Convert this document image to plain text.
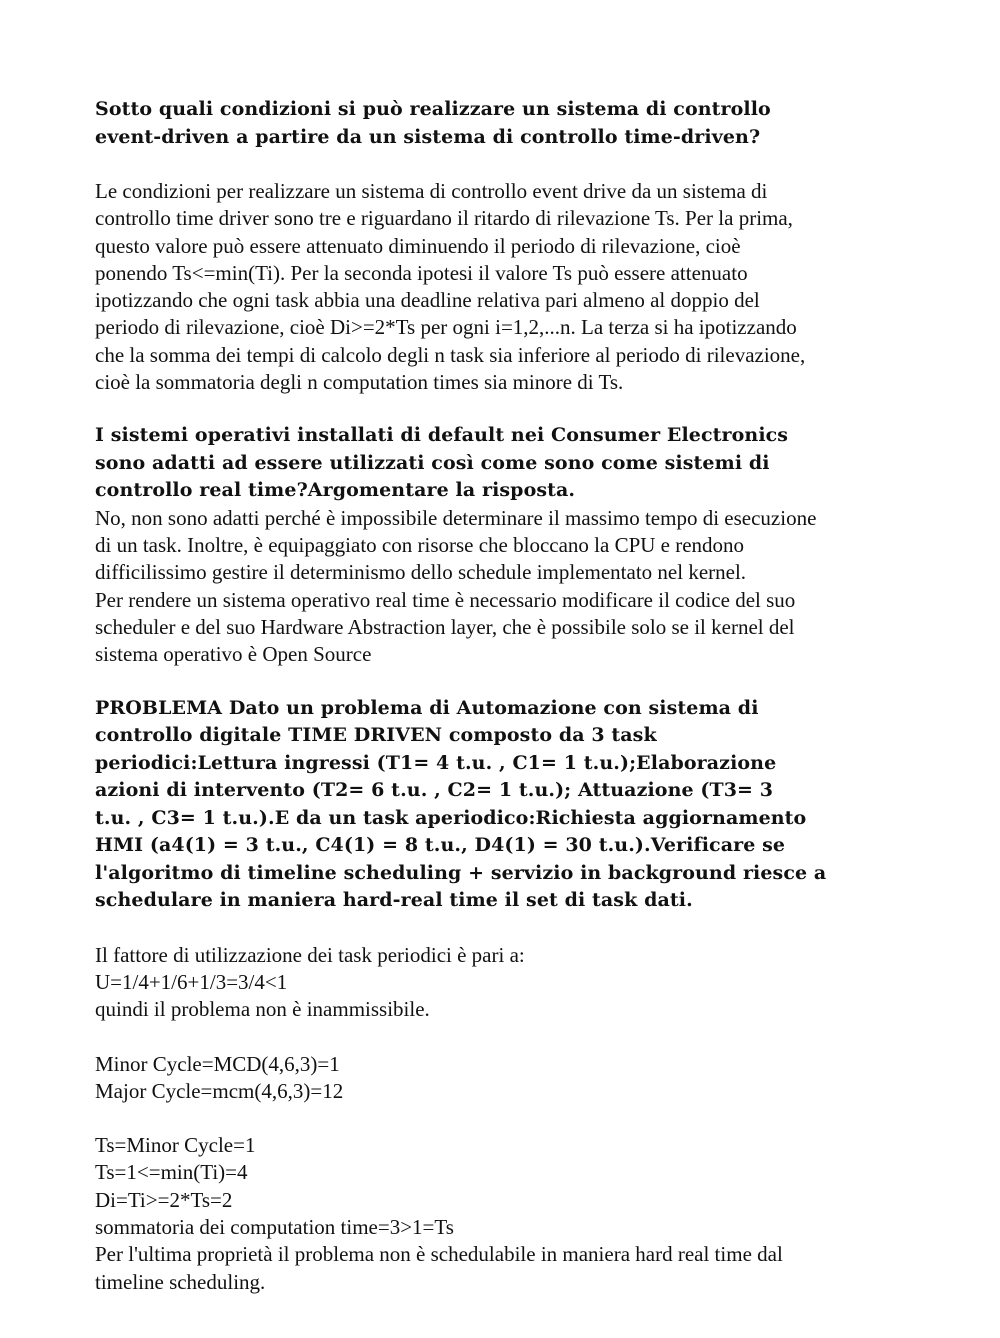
Sotto quali condizioni si può realizzare un sistema di controllo
event-driven a partire da un sistema di controllo time-driven?
Le condizioni per realizzare un sistema di controllo event drive da un sistema di
controllo time driver sono tre e riguardano il ritardo di rilevazione Ts. Per la prima,
questo valore può essere attenuato diminuendo il periodo di rilevazione, cioè
ponendo Ts<=min(Ti). Per la seconda ipotesi il valore Ts può essere attenuato
ipotizzando che ogni task abbia una deadline relativa pari almeno al doppio del
periodo di rilevazione, cioè Di>=2*Ts per ogni i=1,2,...n. La terza si ha ipotizzando
che la somma dei tempi di calcolo degli n task sia inferiore al periodo di rilevazione,
cioè la sommatoria degli n computation times sia minore di Ts.
I sistemi operativi installati di default nei Consumer Electronics
sono adatti ad essere utilizzati così come sono come sistemi di
controllo real time?Argomentare la risposta.
No, non sono adatti perché è impossibile determinare il massimo tempo di esecuzione
di un task. Inoltre, è equipaggiato con risorse che bloccano la CPU e rendono
difficilissimo gestire il determinismo dello schedule implementato nel kernel.
Per rendere un sistema operativo real time è necessario modificare il codice del suo
scheduler e del suo Hardware Abstraction layer, che è possibile solo se il kernel del
sistema operativo è Open Source
PROBLEMA Dato un problema di Automazione con sistema di
controllo digitale TIME DRIVEN composto da 3 task
periodici:Lettura ingressi (T1= 4 t.u. , C1= 1 t.u.);Elaborazione
azioni di intervento (T2= 6 t.u. , C2= 1 t.u.); Attuazione (T3= 3
t.u. , C3= 1 t.u.).E da un task aperiodico:Richiesta aggiornamento
HMI (a4(1) = 3 t.u., C4(1) = 8 t.u., D4(1) = 30 t.u.).Verificare se
l'algoritmo di timeline scheduling + servizio in background riesce a
schedulare in maniera hard-real time il set di task dati.
Il fattore di utilizzazione dei task periodici è pari a:
U=1/4+1/6+1/3=3/4<1
quindi il problema non è inammissibile.
Minor Cycle=MCD(4,6,3)=1
Major Cycle=mcm(4,6,3)=12
Ts=Minor Cycle=1
Ts=1<=min(Ti)=4
Di=Ti>=2*Ts=2
sommatoria dei computation time=3>1=Ts
Per l'ultima proprietà il problema non è schedulabile in maniera hard real time dal
timeline scheduling.
